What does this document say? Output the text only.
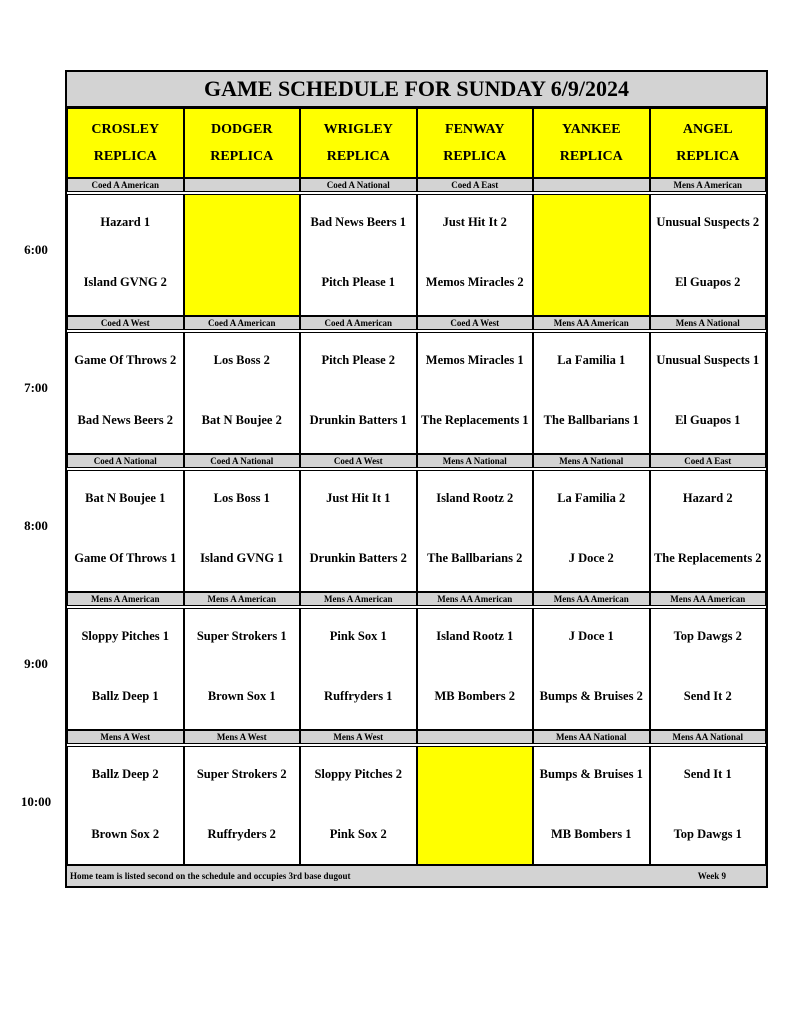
GAME SCHEDULE FOR SUNDAY 6/9/2024
CROSLEY
REPLICA
DODGER
REPLICA
WRIGLEY
REPLICA
FENWAY
REPLICA
YANKEE
REPLICA
ANGEL
REPLICA
Coed A American
Hazard 1
Island GVNG 2
Coed A National
Bad News Beers 1
Pitch Please 1
Coed A East
Just Hit It 2
Memos Miracles 2
Mens A American
Unusual Suspects 2
El Guapos 2
Coed A West
Game Of Throws 2
Bad News Beers 2
Coed A American
Los Boss 2
Bat N Boujee 2
Coed A American
Pitch Please 2
Drunkin Batters 1
Coed A West
Memos Miracles 1
The Replacements 1
Mens AA American
La Familia 1
The Ballbarians 1
Mens A National
Unusual Suspects 1
El Guapos 1
Coed A National
Bat N Boujee 1
Game Of Throws 1
Coed A National
Los Boss 1
Island GVNG 1
Coed A West
Just Hit It 1
Drunkin Batters 2
Mens A National
Island Rootz 2
The Ballbarians 2
Mens A National
La Familia 2
J Doce 2
Coed A East
Hazard 2
The Replacements 2
Mens A American
Sloppy Pitches 1
Ballz Deep 1
Mens A American
Super Strokers 1
Brown Sox 1
Mens A American
Pink Sox 1
Ruffryders 1
Mens AA American
Island Rootz 1
MB Bombers 2
Mens AA American
J Doce 1
Bumps & Bruises 2
Mens AA American
Top Dawgs 2
Send It 2
Mens A West
Ballz Deep 2
Brown Sox 2
Mens A West
Super Strokers 2
Ruffryders 2
Mens A West
Sloppy Pitches 2
Pink Sox 2
Mens AA National
Bumps & Bruises 1
MB Bombers 1
Mens AA National
Send It 1
Top Dawgs 1
Home team is listed second on the schedule and occupies 3rd base dugout	Week 9
6:00
7:00
8:00
9:00
10:00
